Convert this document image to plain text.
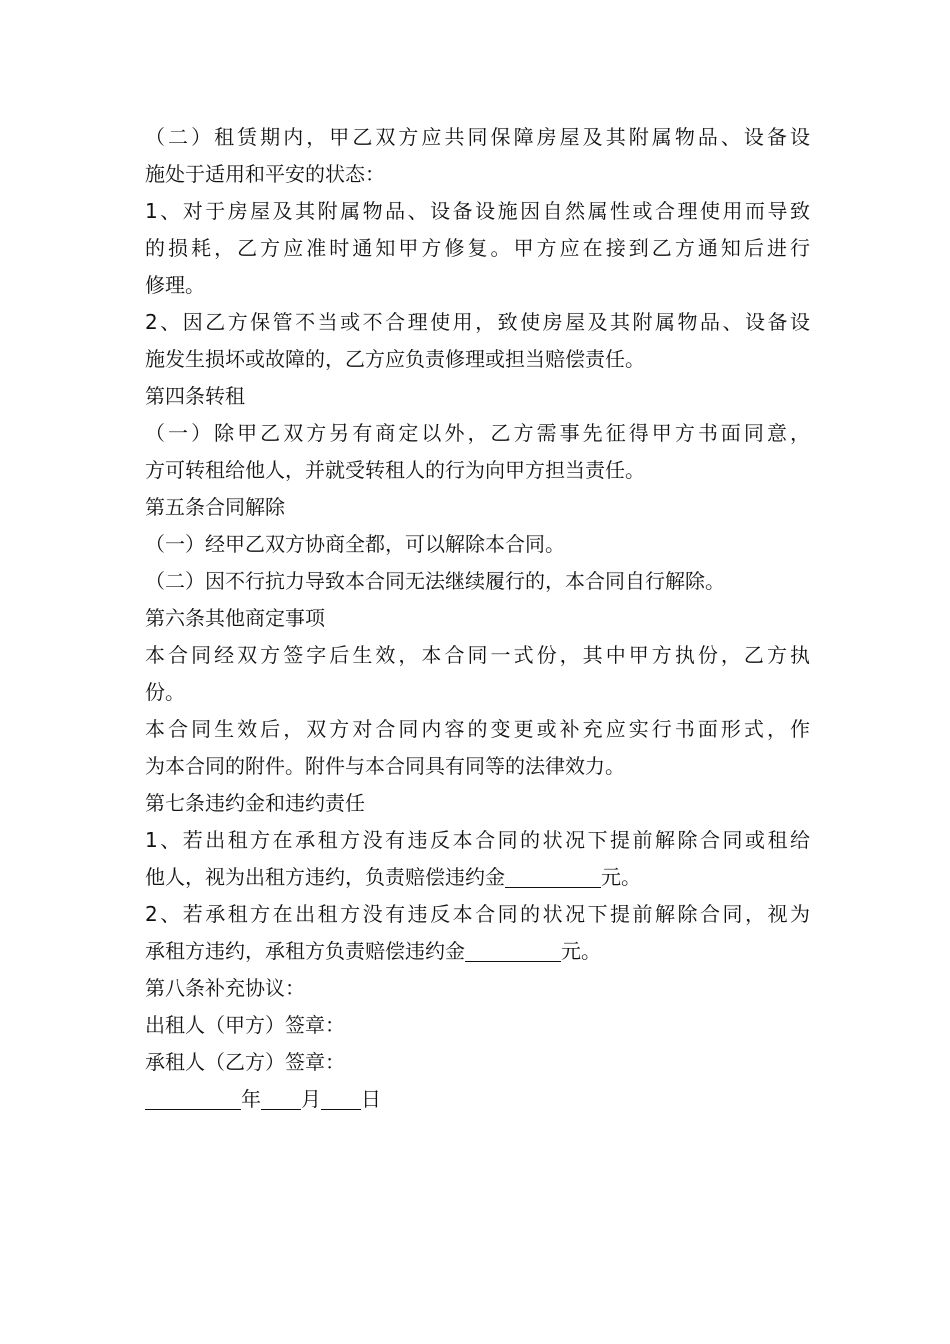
（二）租赁期内，甲乙双方应共同保障房屋及其附属物品、设备设
施处于适用和平安的状态：
1、对于房屋及其附属物品、设备设施因自然属性或合理使用而导致
的损耗，乙方应准时通知甲方修复。甲方应在接到乙方通知后进行
修理。
2、因乙方保管不当或不合理使用，致使房屋及其附属物品、设备设
施发生损坏或故障的，乙方应负责修理或担当赔偿责任。
第四条转租
（一）除甲乙双方另有商定以外，乙方需事先征得甲方书面同意，
方可转租给他人，并就受转租人的行为向甲方担当责任。
第五条合同解除
（一）经甲乙双方协商全都，可以解除本合同。
（二）因不行抗力导致本合同无法继续履行的，本合同自行解除。
第六条其他商定事项
本合同经双方签字后生效，本合同一式份，其中甲方执份，乙方执
份。
本合同生效后，双方对合同内容的变更或补充应实行书面形式，作
为本合同的附件。附件与本合同具有同等的法律效力。
第七条违约金和违约责任
1、若出租方在承租方没有违反本合同的状况下提前解除合同或租给
他人，视为出租方违约，负责赔偿违约金	元。
2、若承租方在出租方没有违反本合同的状况下提前解除合同，视为
承租方违约，承租方负责赔偿违约金	元。
第八条补充协议：
出租人（甲方）签章：
承租人（乙方）签章：
年 月 日
